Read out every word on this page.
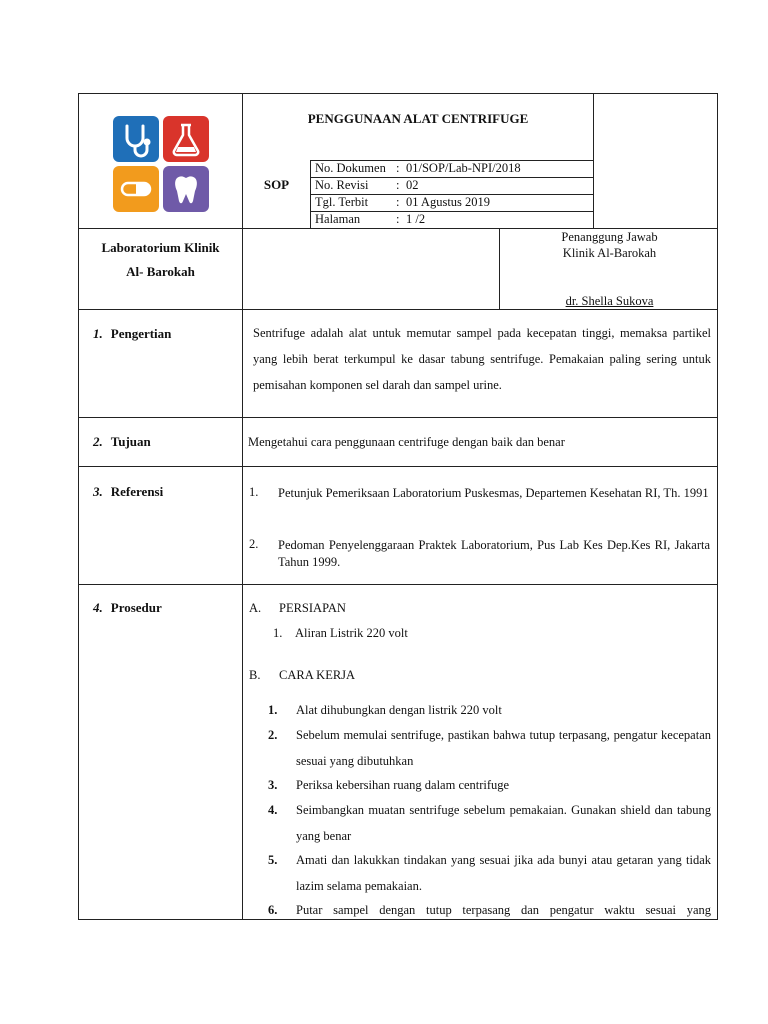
PENGGUNAAN ALAT CENTRIFUGE
SOP
No. Dokumen : 01/SOP/Lab-NPI/2018
No. Revisi : 02
Tgl. Terbit : 01 Agustus 2019
Halaman	: 1 /2
Laboratorium Klinik
Al- Barokah
Penanggung Jawab
Klinik Al-Barokah
dr. Shella Sukova
1. Pengertian	Sentrifuge adalah alat untuk memutar sampel pada kecepatan tinggi, memaksa partikel yang lebih berat terkumpul ke dasar tabung sentrifuge. Pemakaian paling sering untuk pemisahan komponen sel darah dan sampel urine.
2. Tujuan	Mengetahui cara penggunaan centrifuge dengan baik dan benar
3. Referensi	1. Petunjuk Pemeriksaan Laboratorium Puskesmas, Departemen Kesehatan RI, Th. 1991
2. Pedoman Penyelenggaraan Praktek Laboratorium, Pus Lab Kes Dep.Kes RI, Jakarta Tahun 1999.
4. Prosedur	A. PERSIAPAN
1. Aliran Listrik 220 volt
B. CARA KERJA
1. Alat dihubungkan dengan listrik 220 volt
2. Sebelum memulai sentrifuge, pastikan bahwa tutup terpasang, pengatur kecepatan sesuai yang dibutuhkan
3. Periksa kebersihan ruang dalam centrifuge
4. Seimbangkan muatan sentrifuge sebelum pemakaian. Gunakan shield dan tabung yang benar
5. Amati dan lakukkan tindakan yang sesuai jika ada bunyi atau getaran yang tidak lazim selama pemakaian.
6. Putar sampel dengan tutup terpasang dan pengatur waktu sesuai yang
